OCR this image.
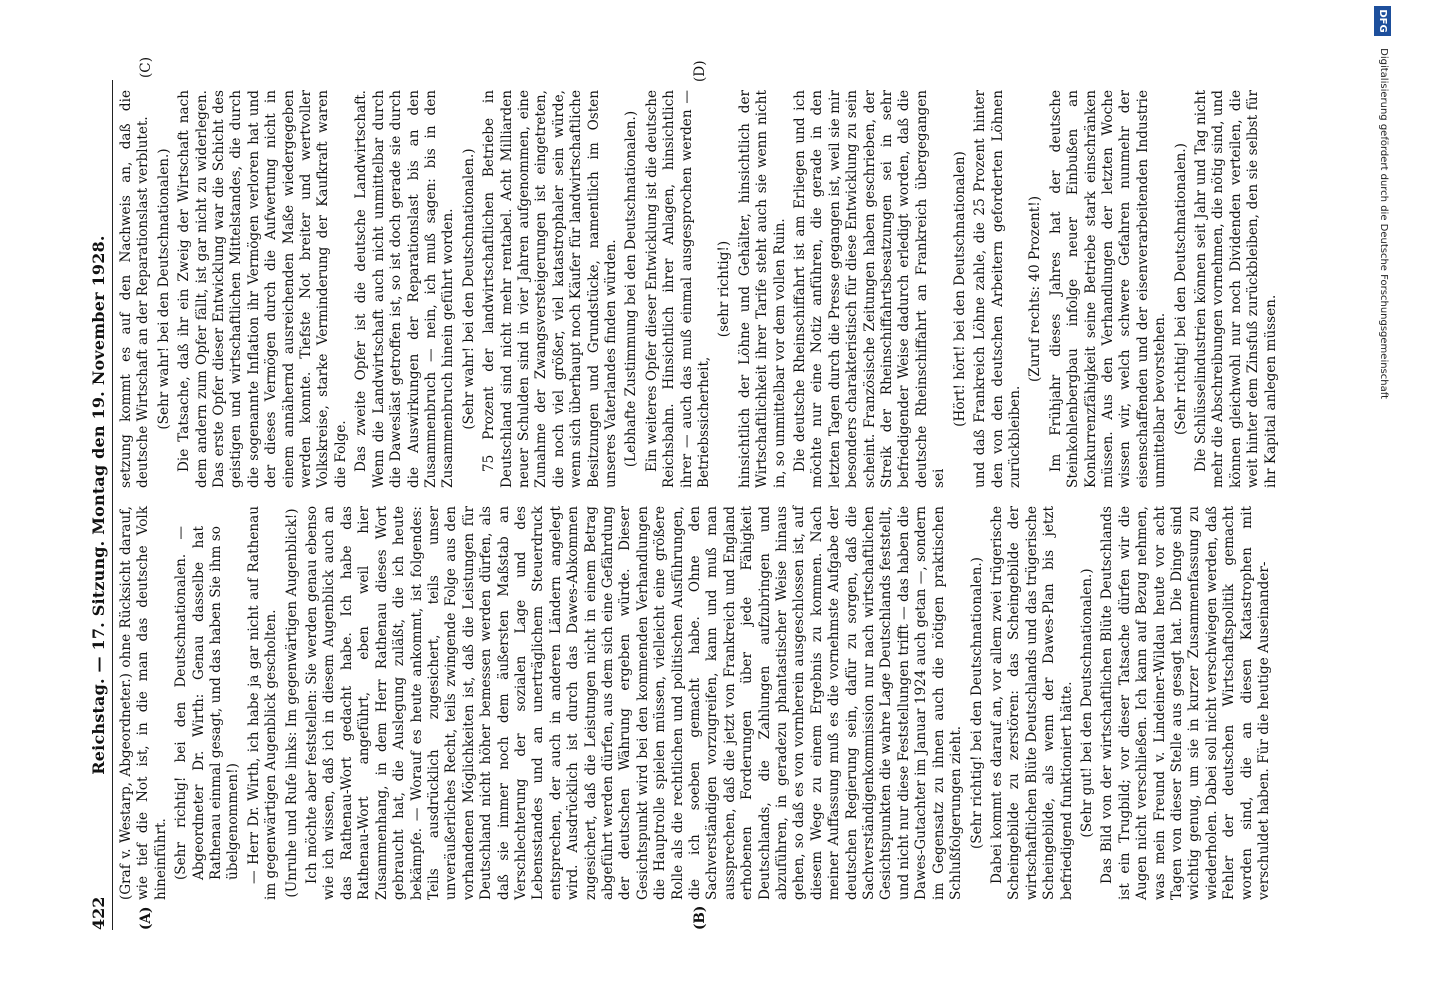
422
Reichstag. — 17. Sitzung. Montag den 19. November 1928.
(A)	(B)
(C)	(D)

(Graf v. Westarp, Abgeordneter.) ohne Rücksicht darauf, wie tief die Not ist, in die man das deutsche Volk hineinführt. (Sehr richtig! bei den Deutschnationalen. — Abgeordneter Dr. Wirth: Genau dasselbe hat Rathenau einmal gesagt, und das haben Sie ihm so übelgenommen!) — Herr Dr. Wirth, ich habe ja gar nicht auf Rathenau im gegenwärtigen Augenblick gescholten. (Unruhe und Rufe links: Im gegenwärtigen Augenblick!) Ich möchte aber feststellen: Sie werden genau ebenso wie ich wissen, daß ich in diesem Augenblick auch an das Rathenau-Wort gedacht habe. Ich habe das Rathenau-Wort angeführt, eben weil hier Zusammenhang, in dem Herr Rathenau dieses Wort gebraucht hat, die Auslegung zuläßt, die ich heute bekämpfe. — Worauf es heute ankommt, ist folgendes: Teils ausdrücklich zugesichert, teils unser unveräußerliches Recht, teils zwingende Folge aus den vorhandenen Möglichkeiten ist, daß die Leistungen für Deutschland nicht höher bemessen werden dürfen, als daß sie immer noch dem äußersten Maßstab an Verschlechterung der sozialen Lage und des Lebensstandes und an unerträglichem Steuerdruck entsprechen, der auch in anderen Ländern angelegt wird. Ausdrücklich ist durch das Dawes-Abkommen zugesichert, daß die Leistungen nicht in einem Betrag abgeführt werden dürfen, aus dem sich eine Gefährdung der deutschen Währung ergeben würde. Dieser Gesichtspunkt wird bei den kommenden Verhandlungen die Hauptrolle spielen müssen, vielleicht eine größere Rolle als die rechtlichen und politischen Ausführungen, die ich soeben gemacht habe. Ohne den Sachverständigen vorzugreifen, kann und muß man aussprechen, daß die jetzt von Frankreich und England erhobenen Forderungen über jede Fähigkeit Deutschlands, die Zahlungen aufzubringen und abzuführen, in geradezu phantastischer Weise hinaus gehen, so daß es von vornherein ausgeschlossen ist, auf diesem Wege zu einem Ergebnis zu kommen. Nach meiner Auffassung muß es die vornehmste Aufgabe der deutschen Regierung sein, dafür zu sorgen, daß die Sachverständigenkommission nur nach wirtschaftlichen Gesichtspunkten die wahre Lage Deutschlands feststellt, und nicht nur diese Feststellungen trifft — das haben die Dawes-Gutachter im Januar 1924 auch getan —, sondern im Gegensatz zu ihnen auch die nötigen praktischen Schlußfolgerungen zieht. (Sehr richtig! bei den Deutschnationalen.) Dabei kommt es darauf an, vor allem zwei trügerische Scheingebilde zu zerstören: das Scheingebilde der wirtschaftlichen Blüte Deutschlands und das trügerische Scheingebilde, als wenn der Dawes-Plan bis jetzt befriedigend funktioniert hätte. (Sehr gut! bei den Deutschnationalen.) Das Bild von der wirtschaftlichen Blüte Deutschlands ist ein Trugbild; vor dieser Tatsache dürfen wir die Augen nicht verschließen. Ich kann auf Bezug nehmen, was mein Freund v. Lindeiner-Wildau heute vor acht Tagen von dieser Stelle aus gesagt hat. Die Dinge sind wichtig genug, um sie in kurzer Zusammenfassung zu wiederholen. Dabei soll nicht verschwiegen werden, daß Fehler der deutschen Wirtschaftspolitik gemacht worden sind, die an diesen Katastrophen mit verschuldet haben. Für die heutige Auseinander-

setzung kommt es auf den Nachweis an, daß die deutsche Wirtschaft an der Reparationslast verblutet. (Sehr wahr! bei den Deutschnationalen.) Die Tatsache, daß ihr ein Zweig der Wirtschaft nach dem andern zum Opfer fällt, ist gar nicht zu widerlegen. Das erste Opfer dieser Entwicklung war die Schicht des geistigen und wirtschaftlichen Mittelstandes, die durch die sogenannte Inflation ihr Vermögen verloren hat und der dieses Vermögen durch die Aufwertung nicht in einem annähernd ausreichenden Maße wiedergegeben werden konnte. Tiefste Not breiter und wertvoller Volkskreise, starke Verminderung der Kaufkraft waren die Folge. Das zweite Opfer ist die deutsche Landwirtschaft. Wenn die Landwirtschaft auch nicht unmittelbar durch die Dawesläst getroffen ist, so ist doch gerade sie durch die Auswirkungen der Reparationslast bis an den Zusammenbruch — nein, ich muß sagen: bis in den Zusammenbruch hinein geführt worden. (Sehr wahr! bei den Deutschnationalen.) 75 Prozent der landwirtschaftlichen Betriebe in Deutschland sind nicht mehr rentabel. Acht Milliarden neuer Schulden sind in vier Jahren aufgenommen, eine Zunahme der Zwangsversteigerungen ist eingetreten, die noch viel größer, viel katastrophaler sein würde, wenn sich überhaupt noch Käufer für landwirtschaftliche Besitzungen und Grundstücke, namentlich im Osten unseres Vaterlandes finden würden. (Lebhafte Zustimmung bei den Deutschnationalen.) Ein weiteres Opfer dieser Entwicklung ist die deutsche Reichsbahn. Hinsichtlich ihrer Anlagen, hinsichtlich ihrer — auch das muß einmal ausgesprochen werden — Betriebssicherheit,

(sehr richtig!) hinsichtlich der Löhne und Gehälter, hinsichtlich der Wirtschaftlichkeit ihrer Tarife steht auch sie wenn nicht in, so unmittelbar vor dem vollen Ruin. Die deutsche Rheinschiffahrt ist am Erliegen und ich möchte nur eine Notiz anführen, die gerade in den letzten Tagen durch die Presse gegangen ist, weil sie mir besonders charakteristisch für diese Entwicklung zu sein scheint. Französische Zeitungen haben geschrieben, der Streik der Rheinschiffahrtsbesatzungen sei in sehr befriedigender Weise dadurch erledigt worden, daß die deutsche Rheinschiffahrt an Frankreich übergegangen sei

(Hört! hört! bei den Deutschnationalen) und daß Frankreich Löhne zahle, die 25 Prozent hinter den von den deutschen Arbeitern geforderten Löhnen zurückbleiben.

(Zuruf rechts: 40 Prozent!) Im Frühjahr dieses Jahres hat der deutsche Steinkohlenbergbau infolge neuer Einbußen an Konkurrenzfähigkeit seine Betriebe stark einschränken müssen. Aus den Verhandlungen der letzten Woche wissen wir, welch schwere Gefahren nunmehr der eisenschaffenden und der eisenverarbeitenden Industrie unmittelbar bevorstehen. (Sehr richtig! bei den Deutschnationalen.) Die Schlüsselindustrien können seit Jahr und Tag nicht mehr die Abschreibungen vornehmen, die nötig sind, und können gleichwohl nur noch Dividenden verteilen, die weit hinter dem Zinsfuß zurückbleiben, den sie selbst für ihr Kapital anlegen müssen.	Digitalisierung gefördert durch die Deutsche Forschungsgemeinschaft
DFG
